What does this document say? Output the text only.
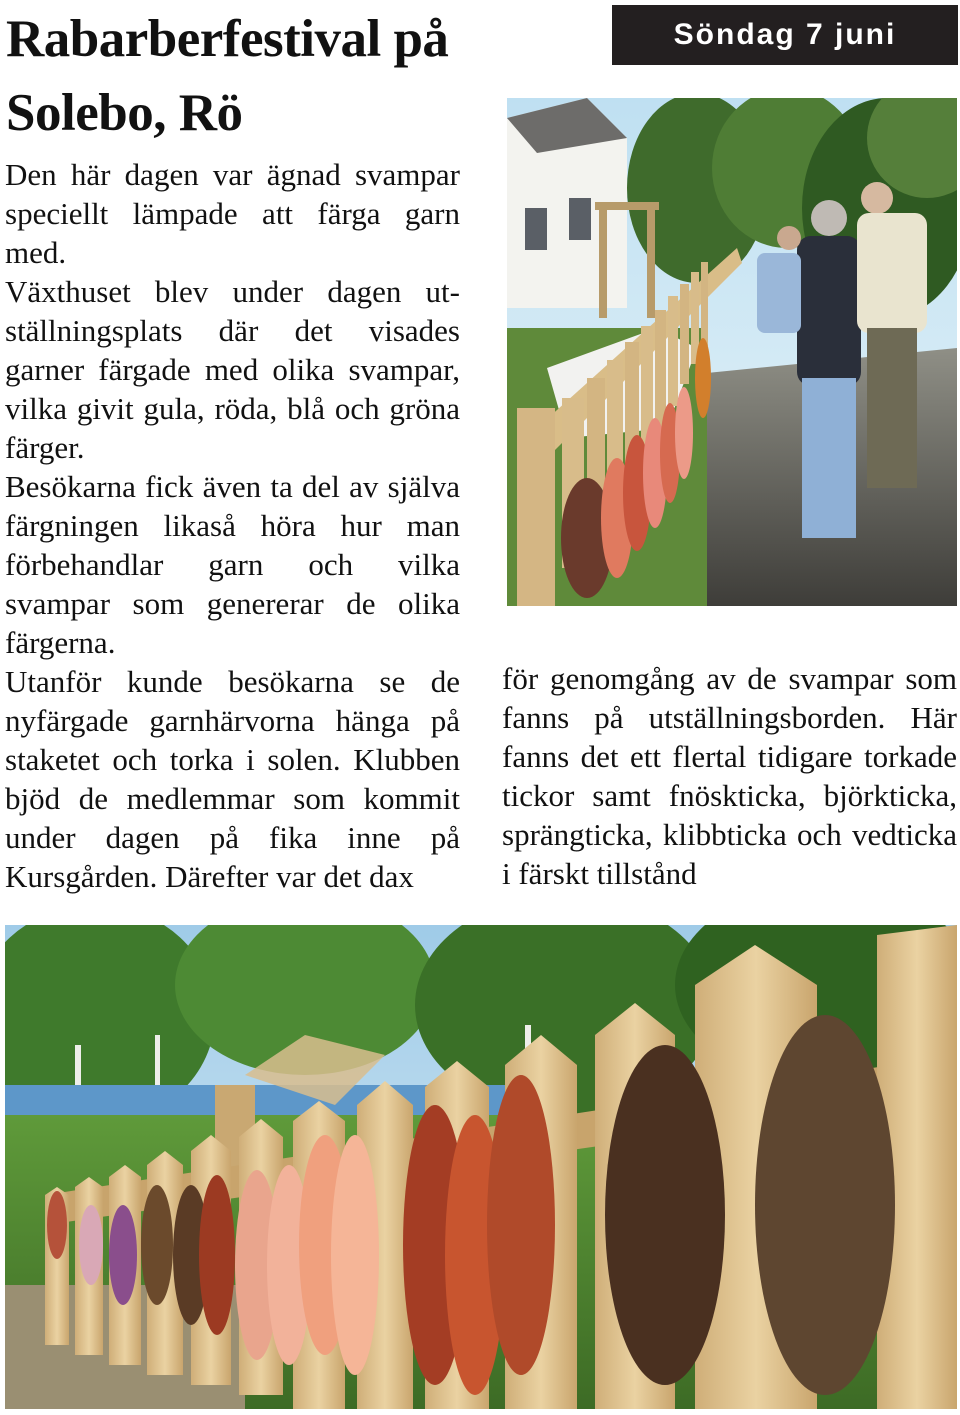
Rabarberfestival på Solebo, Rö
Söndag 7 juni

Den här dagen var ägnad svampar speciellt lämpade att färga garn med.

Växthuset blev under dagen utställningsplats där det visades garner färgade med olika svampar, vilka givit gula, röda, blå och gröna färger.

Besökarna fick även ta del av själva färgningen likaså höra hur man förbehandlar garn och vilka svampar som genererar de olika färgerna.

Utanför kunde besökarna se de nyfärgade garnhärvorna hänga på staketet och torka i solen. Klubben bjöd de medlemmar som kommit under dagen på fika inne på Kursgården. Därefter var det dax

för genomgång av de svampar som fanns på utställningsborden. Här fanns det ett flertal tidigare torkade tickor samt fnöskticka, björkticka, sprängticka, klibbticka och vedticka i färskt tillstånd
